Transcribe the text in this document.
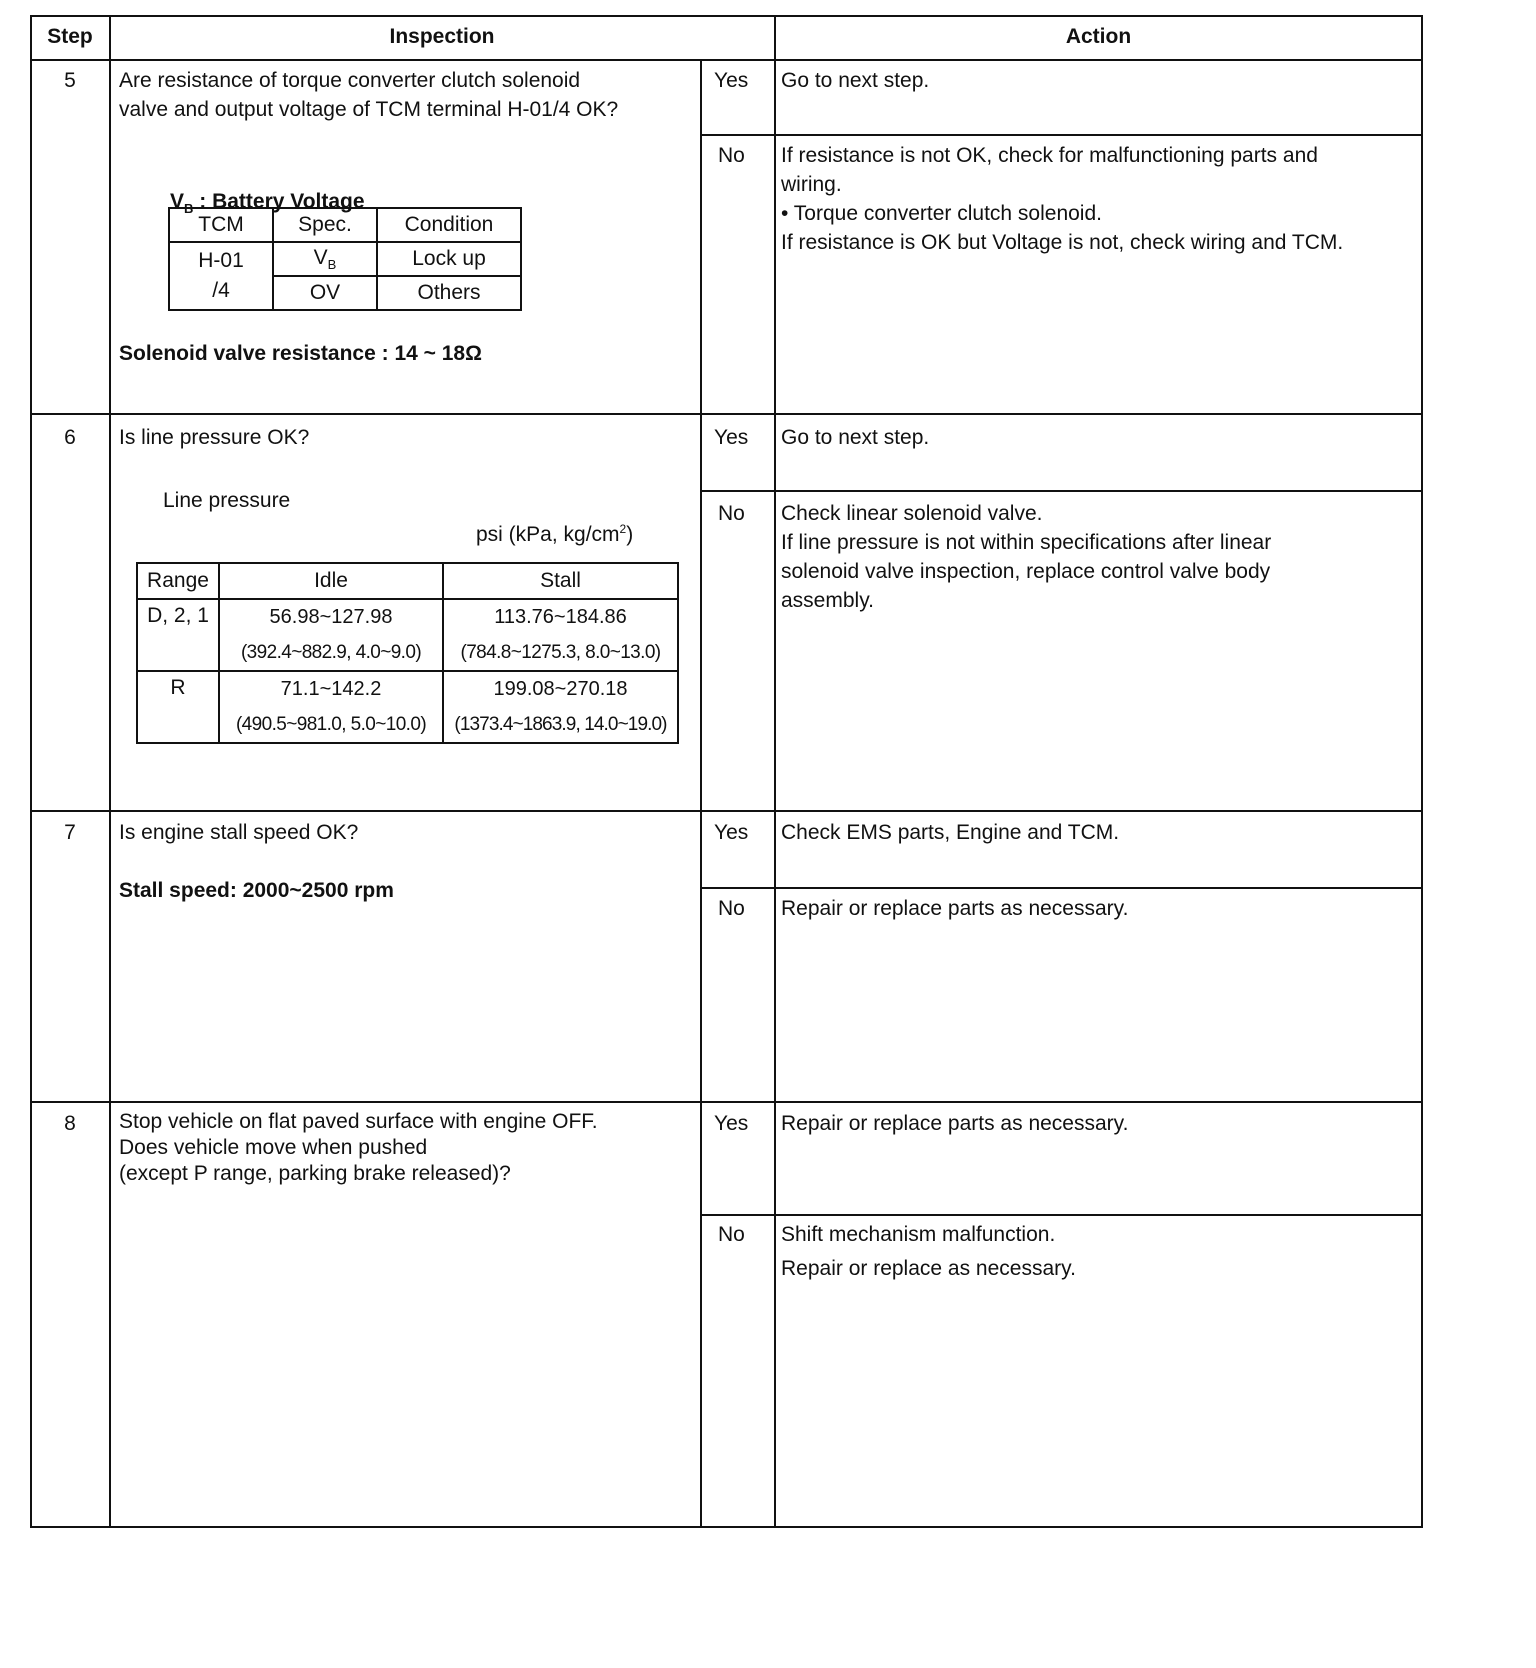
Step	Inspection	Action
5	Are resistance of torque converter clutch solenoid
valve and output voltage of TCM terminal H-01/4 OK?

$V_B$ : Battery Voltage

TCM	Spec.	Condition
H-01
/4	$V_B$	Lock up
	OV	Others
Solenoid valve resistance : 14 ~ 18Ω
Yes Go to next step.
No If resistance is not OK, check for malfunctioning parts and
wiring.
• Torque converter clutch solenoid.
If resistance is OK but Voltage is not, check wiring and TCM.
6	Is line pressure OK?
Line pressure

psi (kPa, $kg/cm^2$)

Range	Idle	Stall
D, 2, 1	56.98~127.98	113.76~184.86
	(392.4~882.9, 4.0~9.0)	(784.8~1275.3, 8.0~13.0)
R	71.1~142.2	199.08~270.18
	(490.5~981.0, 5.0~10.0)	(1373.4~1863.9, 14.0~19.0)
Yes Go to next step.
No Check linear solenoid valve.
If line pressure is not within specifications after linear
solenoid valve inspection, replace control valve body
assembly.
7	Is engine stall speed OK?
Stall speed: 2000~2500 rpm
Yes Check EMS parts, Engine and TCM.
No Repair or replace parts as necessary.
8	Stop vehicle on flat paved surface with engine OFF.
Does vehicle move when pushed
(except P range, parking brake released)?
Yes Repair or replace parts as necessary.
No Shift mechanism malfunction.
Repair or replace as necessary.
